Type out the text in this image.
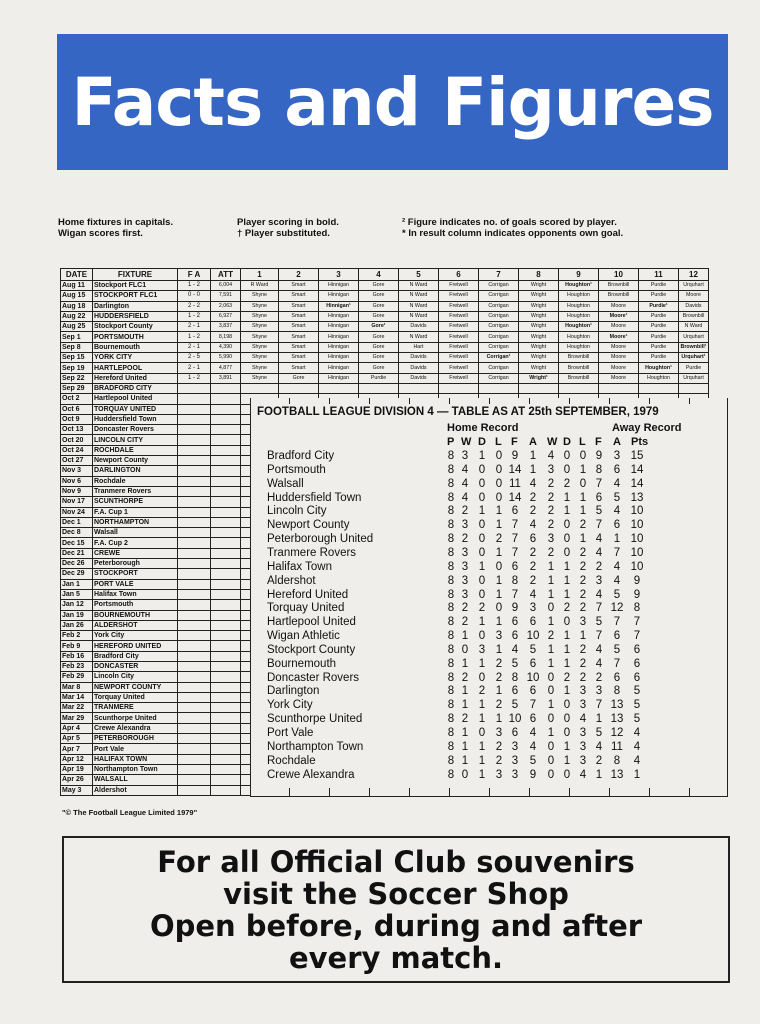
Facts and Figures
Home fixtures in capitals.
Wigan scores first.
Player scoring in bold.
† Player substituted.
² Figure indicates no. of goals scored by player.
* In result column indicates opponents own goal.
DATE	FIXTURE	F A	ATT	1	2	3	4	5	6	7	8	9	10	11	12
Aug 11	Stockport FLC1	1 - 2	6,004	R Ward	Smart	Hinnigan	Gore	N Ward	Fretwell	Corrigan	Wright	Houghton¹	Brownbill	Purdie	Urquhart
Aug 15	STOCKPORT FLC1	0 - 0	7,591	Shyne	Smart	Hinnigan	Gore	N Ward	Fretwell	Corrigan	Wright	Houghton	Brownbill	Purdie	Moore
Aug 18	Darlington	2 - 2	2,063	Shyne	Smart	Hinnigan¹	Gore	N Ward	Fretwell	Corrigan	Wright	Houghton	Moore	Purdie¹	Davids
Aug 22	HUDDERSFIELD	1 - 2	6,927	Shyne	Smart	Hinnigan	Gore	N Ward	Fretwell	Corrigan	Wright	Houghton	Moore¹	Purdie	Brownbill
Aug 25	Stockport County	2 - 1	3,837	Shyne	Smart	Hinnigan	Gore¹	Davids	Fretwell	Corrigan	Wright	Houghton¹	Moore	Purdie	N Ward
Sep 1	PORTSMOUTH	1 - 2	8,198	Shyne	Smart	Hinnigan	Gore	N Ward	Fretwell	Corrigan	Wright	Houghton	Moore¹	Purdie	Urquhart
Sep 8	Bournemouth	2 - 1	4,390	Shyne	Smart	Hinnigan	Gore	Hart	Fretwell	Corrigan	Wright	Houghton	Moore	Purdie	Brownbill¹
Sep 15	YORK CITY	2 - 5	5,990	Shyne	Smart	Hinnigan	Gore	Davids	Fretwell	Corrigan¹	Wright	Brownbill	Moore	Purdie	Urquhart¹
Sep 19	HARTLEPOOL	2 - 1	4,877	Shyne	Smart	Hinnigan	Gore	Davids	Fretwell	Corrigan	Wright	Brownbill	Moore	Houghton¹	Purdie
Sep 22	Hereford United	1 - 2	3,891	Shyne	Gore	Hinnigan	Purdie	Davids	Fretwell	Corrigan	Wright¹	Brownbill	Moore	Houghton	Urquhart
Sep 29	BRADFORD CITY														
Oct 2	Hartlepool United														
Oct 6	TORQUAY UNITED														
Oct 9	Huddersfield Town														
Oct 13	Doncaster Rovers														
Oct 20	LINCOLN CITY														
Oct 24	ROCHDALE														
Oct 27	Newport County														
Nov 3	DARLINGTON														
Nov 6	Rochdale														
Nov 9	Tranmere Rovers														
Nov 17	SCUNTHORPE														
Nov 24	F.A. Cup 1														
Dec 1	NORTHAMPTON														
Dec 8	Walsall														
Dec 15	F.A. Cup 2														
Dec 21	CREWE														
Dec 26	Peterborough														
Dec 29	STOCKPORT														
Jan 1	PORT VALE														
Jan 5	Halifax Town														
Jan 12	Portsmouth														
Jan 19	BOURNEMOUTH														
Jan 26	ALDERSHOT														
Feb 2	York City														
Feb 9	HEREFORD UNITED														
Feb 16	Bradford City														
Feb 23	DONCASTER														
Feb 29	Lincoln City														
Mar 8	NEWPORT COUNTY														
Mar 14	Torquay United														
Mar 22	TRANMERE														
Mar 29	Scunthorpe United														
Apr 4	Crewe Alexandra														
Apr 5	PETERBOROUGH														
Apr 7	Port Vale														
Apr 12	HALIFAX TOWN														
Apr 19	Northampton Town														
Apr 26	WALSALL														
May 3	Aldershot														
FOOTBALL LEAGUE DIVISION 4 — TABLE AS AT 25th SEPTEMBER, 1979
Home Record	Away Record
P W D L F A W D L F A Pts
Bradford City	8 3 1 0 9	1	4 0 0 9	3 15
Portsmouth	8 4 0 0 14 1	3 0 1 8	6 14
Walsall	8 4 0 0 11 4	2 2 0 7	4 14
Huddersfield Town	8 4 0 0 14 2	2 1 1 6	5 13
Lincoln City	8 2 1 1 6	2	2 1 1 5	4 10
Newport County	8 3 0 1 7	4	2 0 2 7	6 10
Peterborough United	8 2 0 2 7	6	3 0 1 4	1 10
Tranmere Rovers	8 3 0 1 7	2	2 0 2 4	7 10
Halifax Town	8 3 1 0 6	2	1 1 2 2	4 10
Aldershot	8 3 0 1 8	2	1 1 2 3	4	9
Hereford United	8 3 0 1 7	4	1 1 2 4	5	9
Torquay United	8 2 2 0 9	3	0 2 2 7 12 8
Hartlepool United	8 2 1 1 6	6	1 0 3 5	7	7
Wigan Athletic	8 1 0 3 6 10 2 1 1 7	6	7
Stockport County	8 0 3 1 4	5	1 1 2 4	5	6
Bournemouth	8 1 1 2 5	6	1 1 2 4	7	6
Doncaster Rovers	8 2 0 2 8 10 0 2 2 2	6	6
Darlington	8 1 2 1 6	6	0 1 3 3	8	5
York City	8 1 1 2 5	7	1 0 3 7 13 5
Scunthorpe United	8 2 1 1 10 6	0 0 4 1 13 5
Port Vale	8 1 0 3 6	4	1 0 3 5 12 4
Northampton Town	8 1 1 2 3	4	0 1 3 4 11 4
Rochdale	8 1 1 2 3	5	0 1 3 2	8	4
Crewe Alexandra	8 0 1 3 3	9	0 0 4 1 13 1
"© The Football League Limited 1979"
For all Official Club souvenirs
visit the Soccer Shop
Open before, during and after
every match.
